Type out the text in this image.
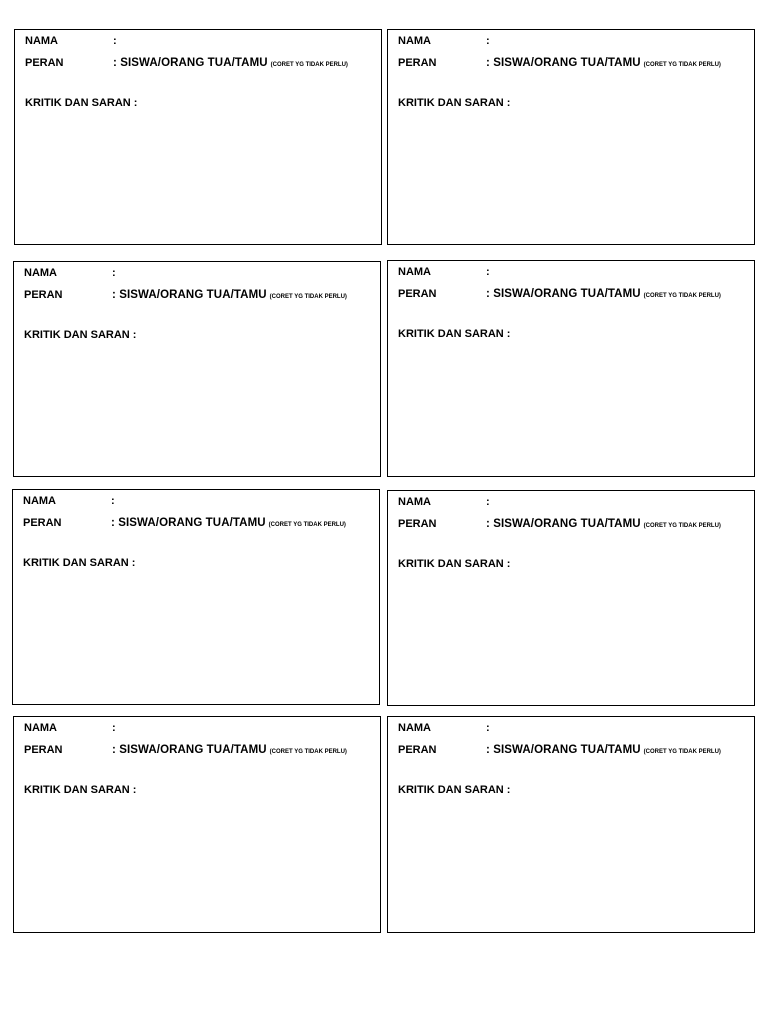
NAMA	:
PERAN	: SISWA/ORANG TUA/TAMU (CORET YG TIDAK PERLU)
KRITIK DAN SARAN :
NAMA	:
PERAN	: SISWA/ORANG TUA/TAMU (CORET YG TIDAK PERLU)
KRITIK DAN SARAN :
NAMA	:
PERAN	: SISWA/ORANG TUA/TAMU (CORET YG TIDAK PERLU)
KRITIK DAN SARAN :
NAMA	:
PERAN	: SISWA/ORANG TUA/TAMU (CORET YG TIDAK PERLU)
KRITIK DAN SARAN :
NAMA	:
PERAN	: SISWA/ORANG TUA/TAMU (CORET YG TIDAK PERLU)
KRITIK DAN SARAN :
NAMA	:
PERAN	: SISWA/ORANG TUA/TAMU (CORET YG TIDAK PERLU)
KRITIK DAN SARAN :
NAMA	:
PERAN	: SISWA/ORANG TUA/TAMU (CORET YG TIDAK PERLU)
KRITIK DAN SARAN :
NAMA	:
PERAN	: SISWA/ORANG TUA/TAMU (CORET YG TIDAK PERLU)
KRITIK DAN SARAN :
